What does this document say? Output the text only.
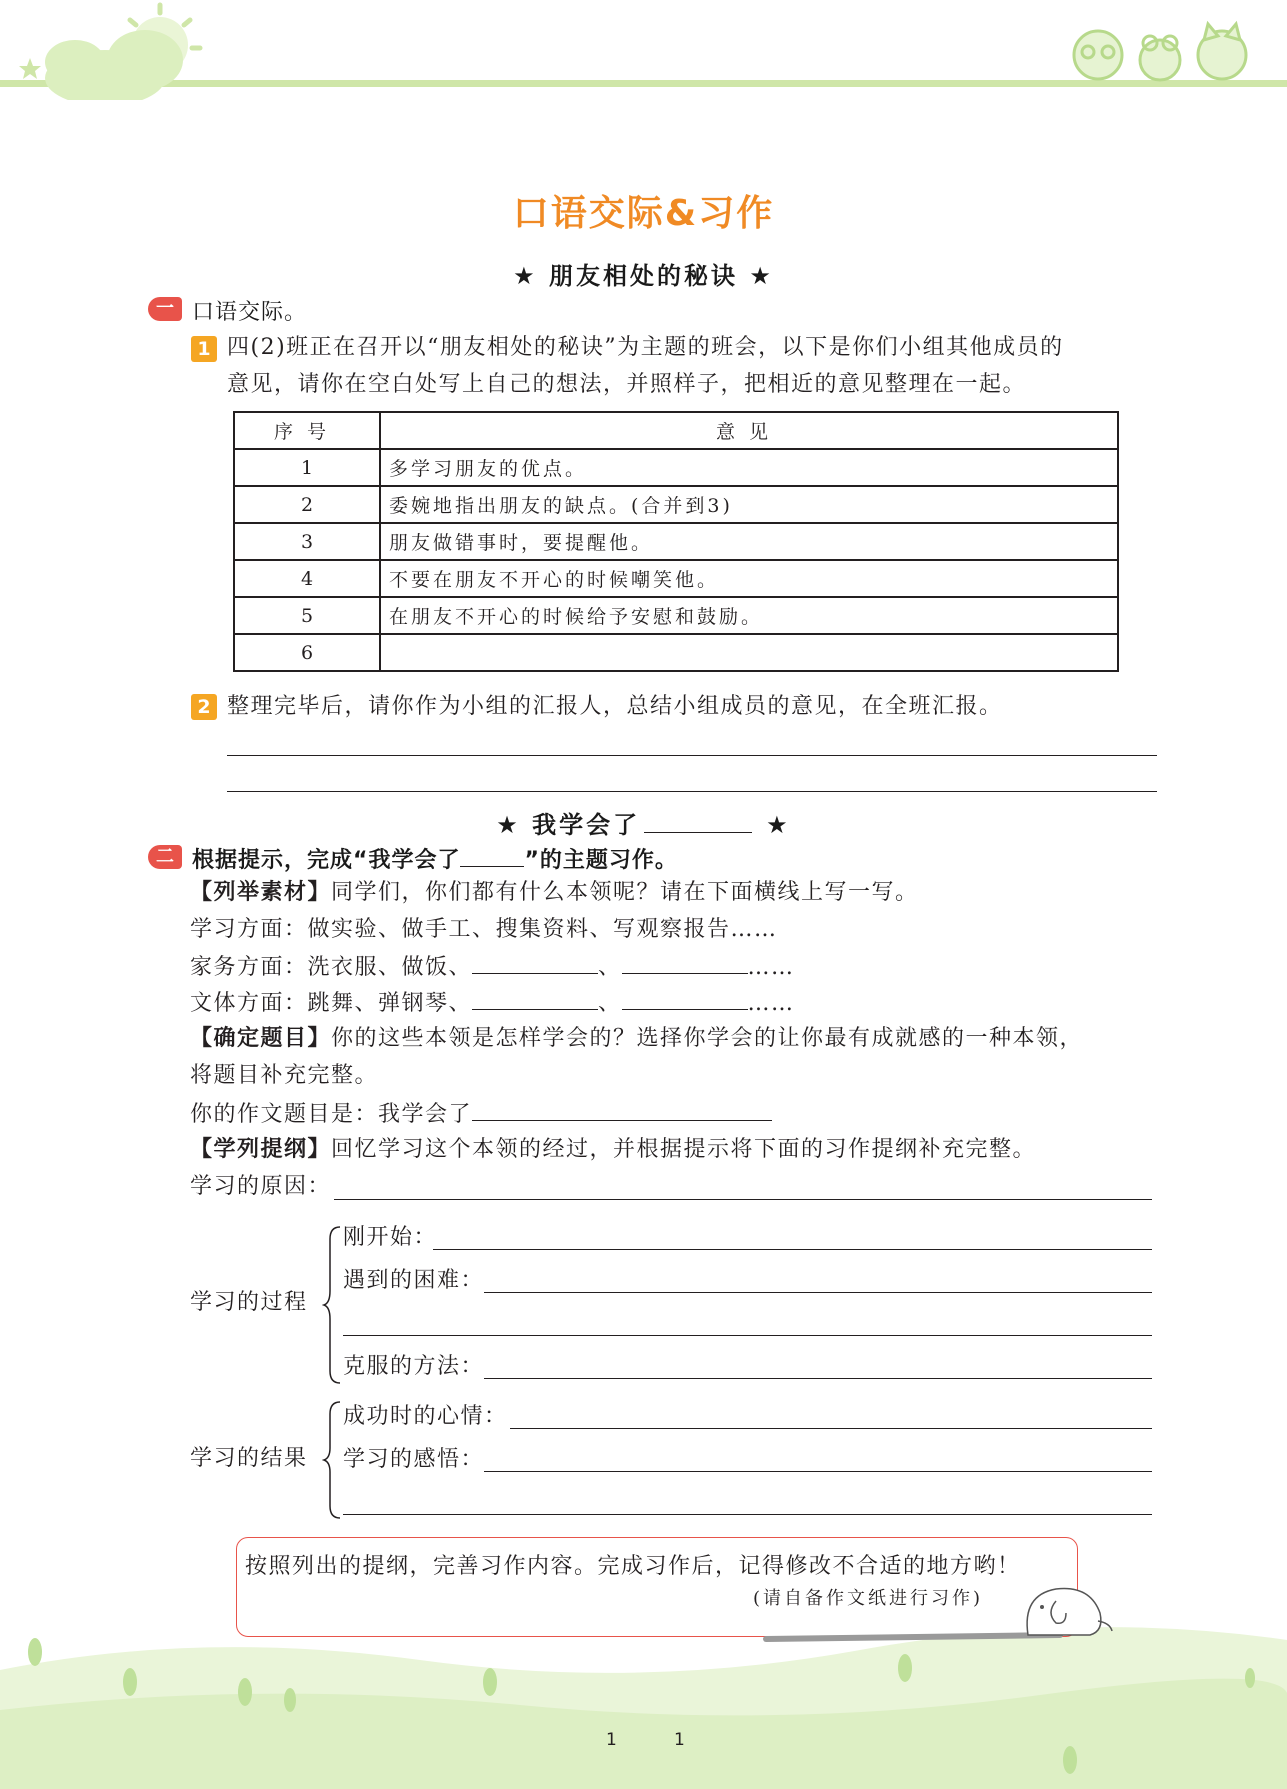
口语交际&习作
★ 朋友相处的秘诀 ★
一 口语交际。
1 四(2)班正在召开以“朋友相处的秘诀”为主题的班会，以下是你们小组其他成员的
意见，请你在空白处写上自己的想法，并照样子，把相近的意见整理在一起。
序号	意见
1	多学习朋友的优点。
2	委婉地指出朋友的缺点。(合并到3)
3	朋友做错事时，要提醒他。
4	不要在朋友不开心的时候嘲笑他。
5	在朋友不开心的时候给予安慰和鼓励。
6	
2 整理完毕后，请你作为小组的汇报人，总结小组成员的意见，在全班汇报。
★ 我学会了	★
二 根据提示，完成“我学会了	”的主题习作。
【列举素材】同学们，你们都有什么本领呢？请在下面横线上写一写。
学习方面：做实验、做手工、搜集资料、写观察报告……
家务方面：洗衣服、做饭、	、	……
文体方面：跳舞、弹钢琴、	、	……
【确定题目】你的这些本领是怎样学会的？选择你学会的让你最有成就感的一种本领，
将题目补充完整。
你的作文题目是：我学会了
【学列提纲】回忆学习这个本领的经过，并根据提示将下面的习作提纲补充完整。
学习的原因：
学习的过程
刚开始：
遇到的困难：
克服的方法：
学习的结果
成功时的心情：
学习的感悟：
按照列出的提纲，完善习作内容。完成习作后，记得修改不合适的地方哟！
(请自备作文纸进行习作)
1	1
